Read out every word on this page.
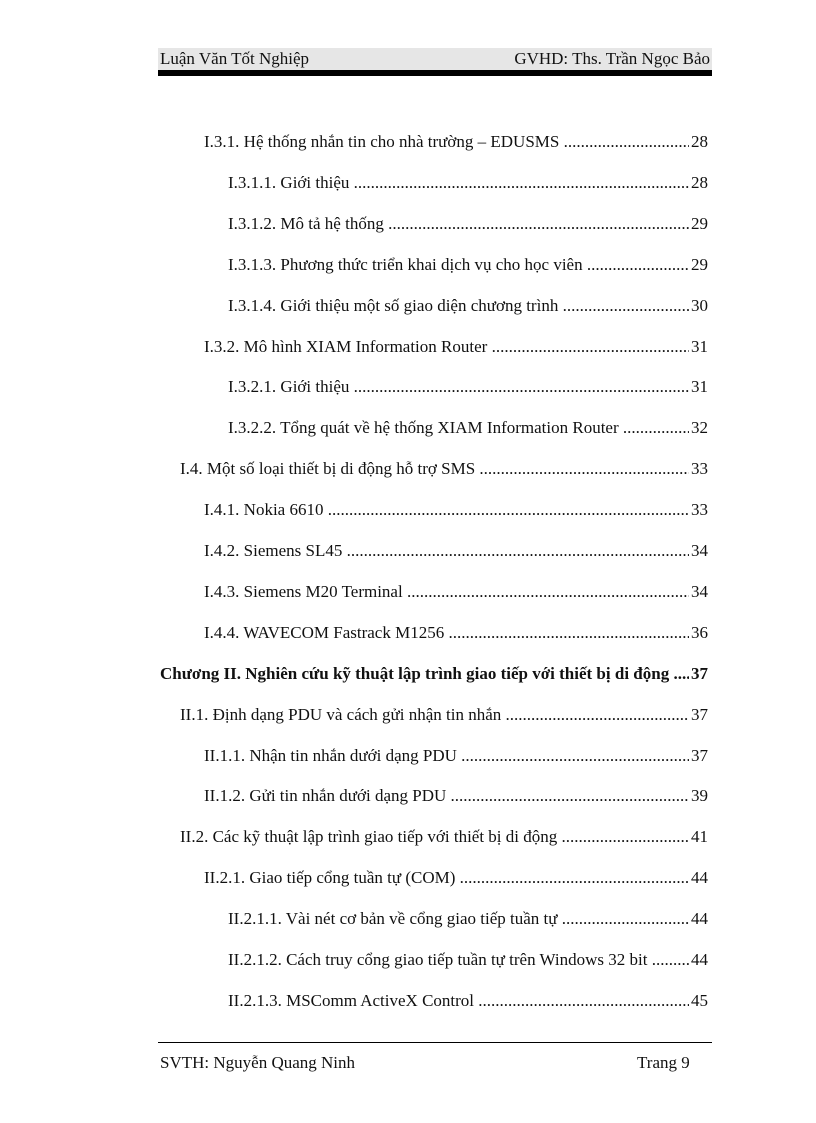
Luận Văn Tốt Nghiệp	GVHD: Ths. Trần Ngọc Bảo
28
I.3.1. Hệ thống nhắn tin cho nhà trường – EDUSMS .....
28
I.3.1.1. Giới thiệu .....
29
I.3.1.2. Mô tả hệ thống .....
29
I.3.1.3. Phương thức triển khai dịch vụ cho học viên .....
30
I.3.1.4. Giới thiệu một số giao diện chương trình .....
31
I.3.2. Mô hình XIAM Information Router .....
31
I.3.2.1. Giới thiệu .....
32
I.3.2.2. Tổng quát về hệ thống XIAM Information Router .....
33
I.4. Một số loại thiết bị di động hỗ trợ SMS .....
33
I.4.1. Nokia 6610 .....
34
I.4.2. Siemens SL45 .....
34
I.4.3. Siemens M20 Terminal .....
36
I.4.4. WAVECOM Fastrack M1256 .....
37
Chương II. Nghiên cứu kỹ thuật lập trình giao tiếp với thiết bị di động .....
37
II.1. Định dạng PDU và cách gửi nhận tin nhắn .....
37
II.1.1. Nhận tin nhắn dưới dạng PDU .....
39
II.1.2. Gửi tin nhắn dưới dạng PDU .....
41
II.2. Các kỹ thuật lập trình giao tiếp với thiết bị di động .....
44
II.2.1. Giao tiếp cổng tuần tự (COM) .....
44
II.2.1.1. Vài nét cơ bản về cổng giao tiếp tuần tự .....
44
II.2.1.2. Cách truy cổng giao tiếp tuần tự trên Windows 32 bit .....
45
II.2.1.3. MSComm ActiveX Control .....
SVTH: Nguyễn Quang Ninh	Trang 9
